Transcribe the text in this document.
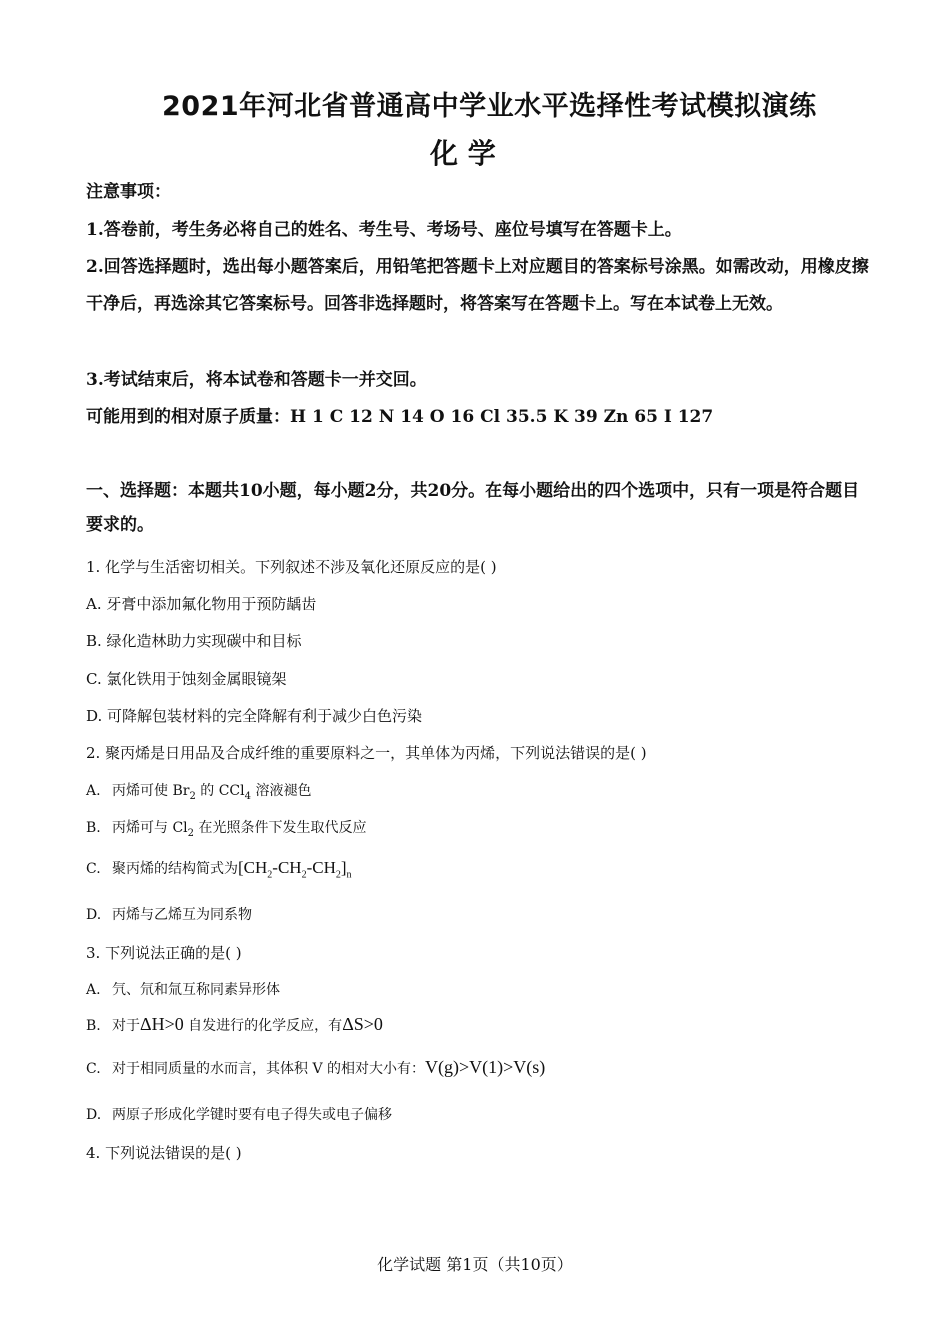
2021年河北省普通高中学业水平选择性考试模拟演练
化 学
注意事项：
1.答卷前，考生务必将自己的姓名、考生号、考场号、座位号填写在答题卡上。
2.回答选择题时，选出每小题答案后，用铅笔把答题卡上对应题目的答案标号涂黑。如需改动，用橡皮擦干净后，再选涂其它答案标号。回答非选择题时，将答案写在答题卡上。写在本试卷上无效。
3.考试结束后，将本试卷和答题卡一并交回。
可能用到的相对原子质量：H 1 C 12 N 14 O 16 Cl 35.5 K 39 Zn 65 I 127
一、选择题：本题共10小题，每小题2分，共20分。在每小题给出的四个选项中，只有一项是符合题目要求的。
1. 化学与生活密切相关。下列叙述不涉及氧化还原反应的是( )
A. 牙膏中添加氟化物用于预防龋齿
B. 绿化造林助力实现碳中和目标
C. 氯化铁用于蚀刻金属眼镜架
D. 可降解包装材料的完全降解有利于减少白色污染
2. 聚丙烯是日用品及合成纤维的重要原料之一，其单体为丙烯，下列说法错误的是( )
A. 丙烯可使 $Br_2$ 的 CCl$_4$ 溶液褪色
B. 丙烯可与 $Cl_2$ 在光照条件下发生取代反应
C. 聚丙烯的结构简式为$[CH_2-CH_2-CH_2]_n$
D. 丙烯与乙烯互为同系物
3. 下列说法正确的是( )
A. 氕、氘和氚互称同素异形体
B. 对于ΔH>0 自发进行的化学反应，有ΔS>0
C. 对于相同质量的水而言，其体积 V 的相对大小有：V(g)>V(1)>V(s)
D. 两原子形成化学键时要有电子得失或电子偏移
4. 下列说法错误的是( )
化学试题 第1页（共10页）
